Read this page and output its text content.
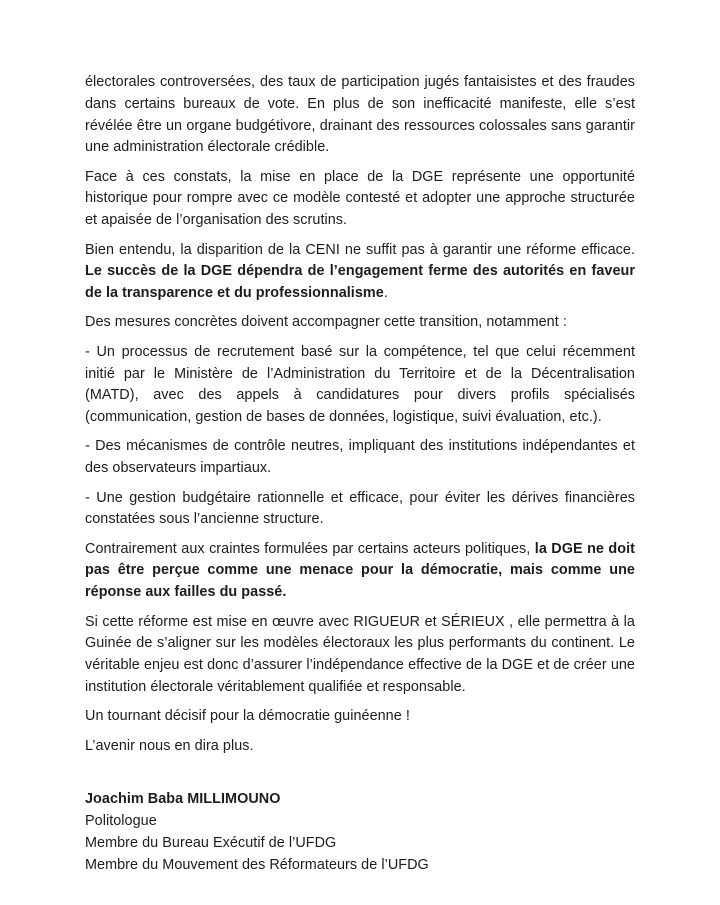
électorales controversées, des taux de participation jugés fantaisistes et des fraudes dans certains bureaux de vote. En plus de son inefficacité manifeste, elle s’est révélée être un organe budgétivore, drainant des ressources colossales sans garantir une administration électorale crédible.

Face à ces constats, la mise en place de la DGE représente une opportunité historique pour rompre avec ce modèle contesté et adopter une approche structurée et apaisée de l’organisation des scrutins.

Bien entendu, la disparition de la CENI ne suffit pas à garantir une réforme efficace. Le succès de la DGE dépendra de l’engagement ferme des autorités en faveur de la transparence et du professionnalisme.

Des mesures concrètes doivent accompagner cette transition, notamment :

- Un processus de recrutement basé sur la compétence, tel que celui récemment initié par le Ministère de l’Administration du Territoire et de la Décentralisation (MATD), avec des appels à candidatures pour divers profils spécialisés (communication, gestion de bases de données, logistique, suivi évaluation, etc.).

- Des mécanismes de contrôle neutres, impliquant des institutions indépendantes et des observateurs impartiaux.

- Une gestion budgétaire rationnelle et efficace, pour éviter les dérives financières constatées sous l’ancienne structure.

Contrairement aux craintes formulées par certains acteurs politiques, la DGE ne doit pas être perçue comme une menace pour la démocratie, mais comme une réponse aux failles du passé.

Si cette réforme est mise en œuvre avec RIGUEUR et SÉRIEUX , elle permettra à la Guinée de s’aligner sur les modèles électoraux les plus performants du continent. Le véritable enjeu est donc d’assurer l’indépendance effective de la DGE et de créer une institution électorale véritablement qualifiée et responsable.

Un tournant décisif pour la démocratie guinéenne !

L’avenir nous en dira plus.

Joachim Baba MILLIMOUNO

Politologue

Membre du Bureau Exécutif de l’UFDG

Membre du Mouvement des Réformateurs de l’UFDG
